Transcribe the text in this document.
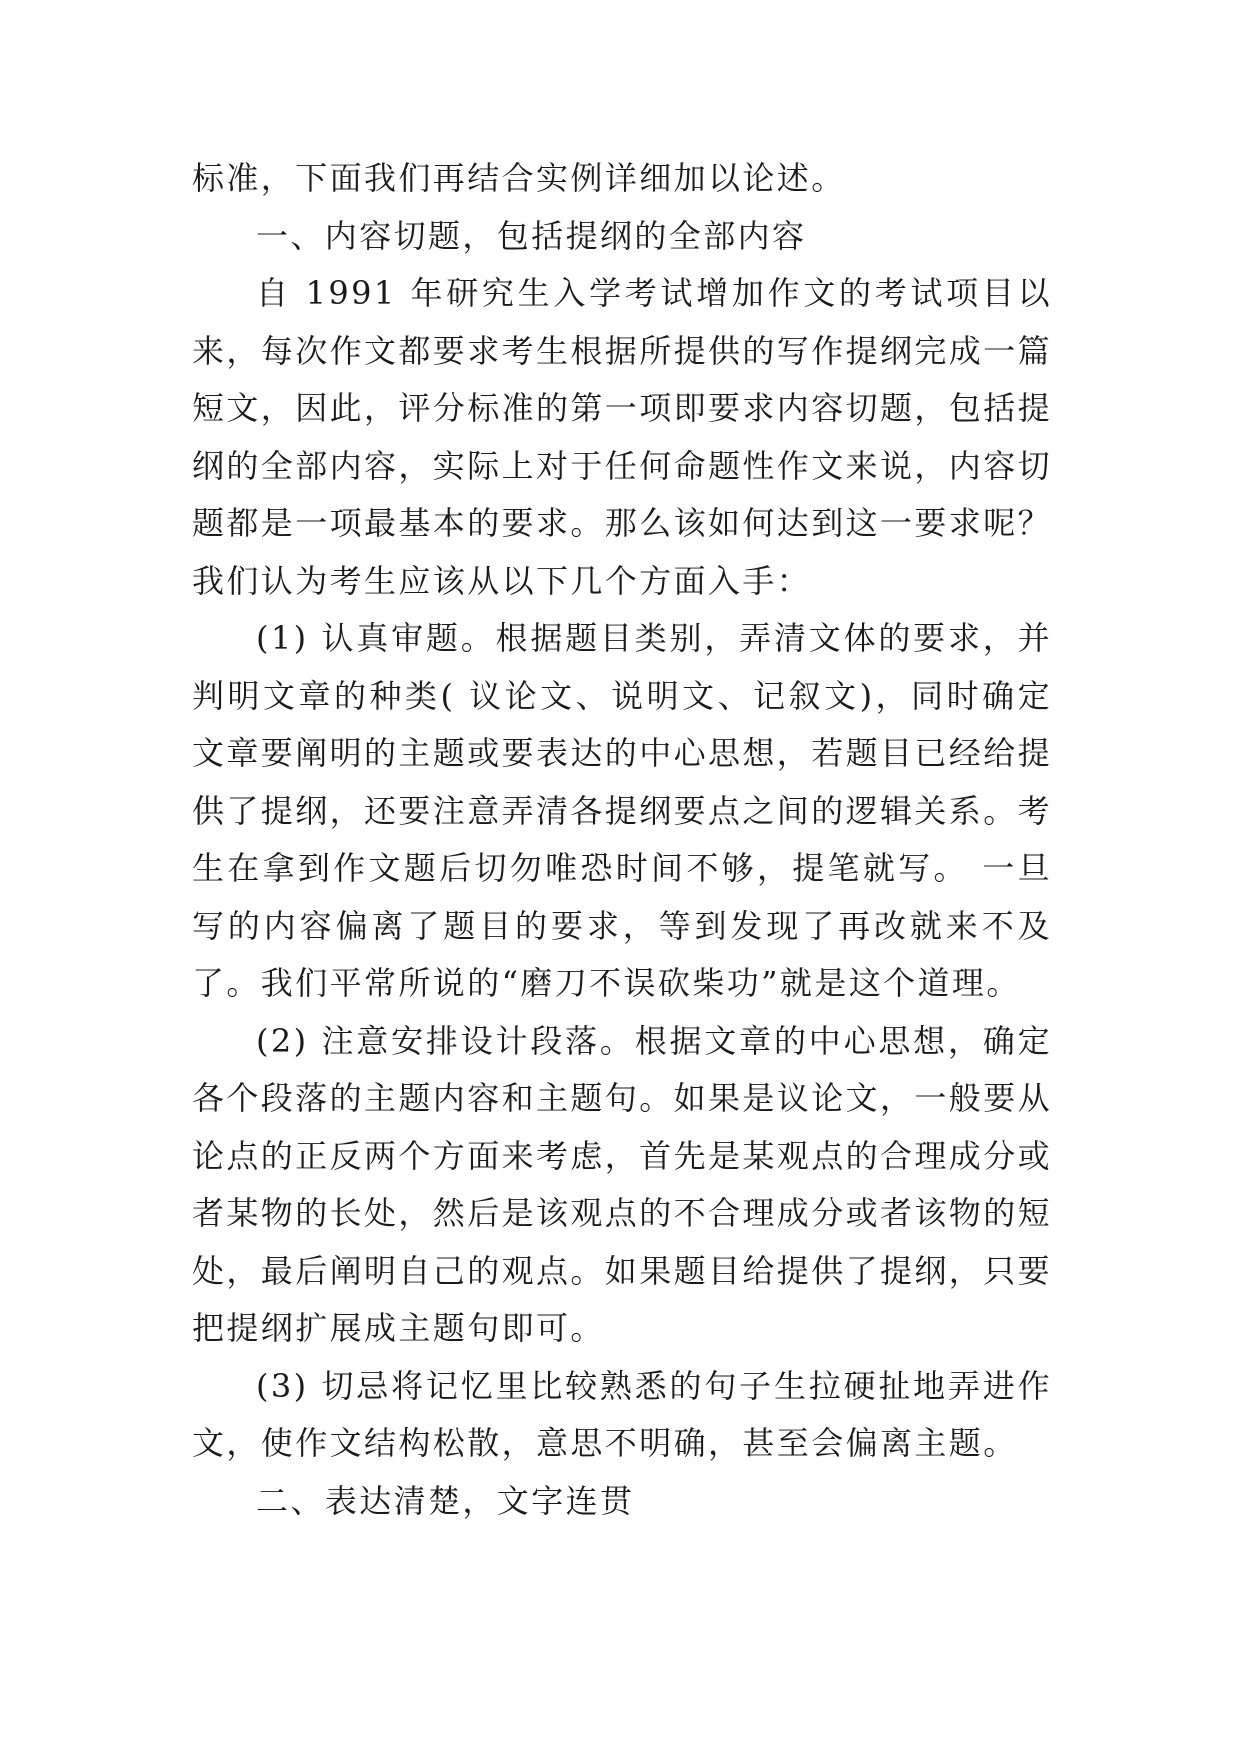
标准，下面我们再结合实例详细加以论述。

一、内容切题，包括提纲的全部内容

自 1991 年研究生入学考试增加作文的考试项目以来，每次作文都要求考生根据所提供的写作提纲完成一篇短文，因此，评分标准的第一项即要求内容切题，包括提纲的全部内容，实际上对于任何命题性作文来说，内容切题都是一项最基本的要求。那么该如何达到这一要求呢？我们认为考生应该从以下几个方面入手：

(1) 认真审题。根据题目类别，弄清文体的要求，并判明文章的种类( 议论文、说明文、记叙文)，同时确定文章要阐明的主题或要表达的中心思想，若题目已经给提供了提纲，还要注意弄清各提纲要点之间的逻辑关系。考生在拿到作文题后切勿唯恐时间不够，提笔就写。 一旦写的内容偏离了题目的要求，等到发现了再改就来不及了。我们平常所说的“磨刀不误砍柴功”就是这个道理。

(2) 注意安排设计段落。根据文章的中心思想，确定各个段落的主题内容和主题句。如果是议论文，一般要从论点的正反两个方面来考虑，首先是某观点的合理成分或者某物的长处，然后是该观点的不合理成分或者该物的短处，最后阐明自己的观点。如果题目给提供了提纲，只要把提纲扩展成主题句即可。

(3) 切忌将记忆里比较熟悉的句子生拉硬扯地弄进作文，使作文结构松散，意思不明确，甚至会偏离主题。

二、表达清楚，文字连贯
